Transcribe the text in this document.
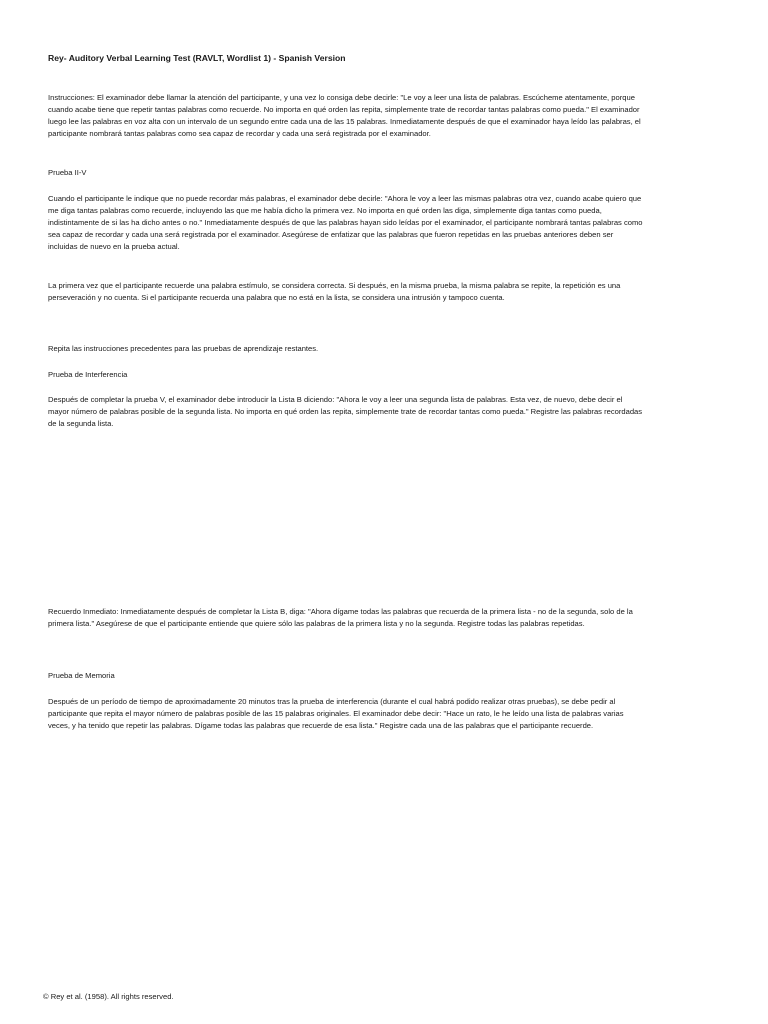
Rey- Auditory Verbal Learning Test (RAVLT, Wordlist 1) - Spanish Version

Instrucciones: El examinador debe llamar la atención del participante, y una vez lo consiga debe decirle: "Le voy a leer una lista de palabras. Escúcheme atentamente, porque cuando acabe tiene que repetir tantas palabras como recuerde. No importa en qué orden las repita, simplemente trate de recordar tantas palabras como pueda." El examinador luego lee las palabras en voz alta con un intervalo de un segundo entre cada una de las 15 palabras. Inmediatamente después de que el examinador haya leído las palabras, el participante nombrará tantas palabras como sea capaz de recordar y cada una será registrada por el examinador.

Prueba II-V

Cuando el participante le indique que no puede recordar más palabras, el examinador debe decirle: "Ahora le voy a leer las mismas palabras otra vez, cuando acabe quiero que me diga tantas palabras como recuerde, incluyendo las que me había dicho la primera vez. No importa en qué orden las diga, simplemente diga tantas como pueda, indistintamente de si las ha dicho antes o no." Inmediatamente después de que las palabras hayan sido leídas por el examinador, el participante nombrará tantas palabras como sea capaz de recordar y cada una será registrada por el examinador. Asegúrese de enfatizar que las palabras que fueron repetidas en las pruebas anteriores deben ser incluidas de nuevo en la prueba actual.

La primera vez que el participante recuerde una palabra estímulo, se considera correcta. Si después, en la misma prueba, la misma palabra se repite, la repetición es una perseveración y no cuenta. Si el participante recuerda una palabra que no está en la lista, se considera una intrusión y tampoco cuenta.

Repita las instrucciones precedentes para las pruebas de aprendizaje restantes.

Prueba de Interferencia

Después de completar la prueba V, el examinador debe introducir la Lista B diciendo: "Ahora le voy a leer una segunda lista de palabras. Esta vez, de nuevo, debe decir el mayor número de palabras posible de la segunda lista. No importa en qué orden las repita, simplemente trate de recordar tantas como pueda." Registre las palabras recordadas de la segunda lista.

Recuerdo Inmediato: Inmediatamente después de completar la Lista B, diga: "Ahora dígame todas las palabras que recuerda de la primera lista - no de la segunda, solo de la primera lista." Asegúrese de que el participante entiende que quiere sólo las palabras de la primera lista y no la segunda. Registre todas las palabras repetidas.

Prueba de Memoria

Después de un período de tiempo de aproximadamente 20 minutos tras la prueba de interferencia (durante el cual habrá podido realizar otras pruebas), se debe pedir al participante que repita el mayor número de palabras posible de las 15 palabras originales. El examinador debe decir: "Hace un rato, le he leído una lista de palabras varias veces, y ha tenido que repetir las palabras. Dígame todas las palabras que recuerde de esa lista." Registre cada una de las palabras que el participante recuerde.

© Rey et al. (1958). All rights reserved.
